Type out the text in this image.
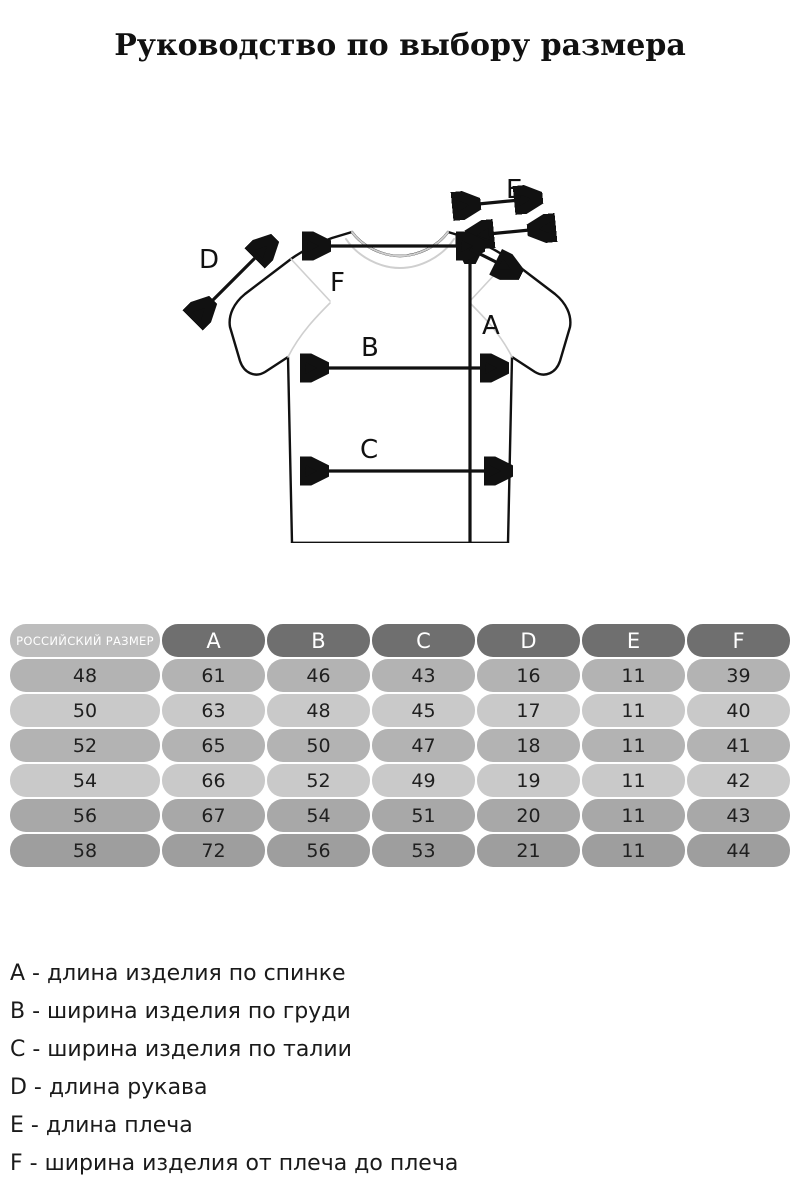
Руководство по выбору размера
A
B
C
D
E
F
РОССИЙСКИЙ РАЗМЕР	A	B	C	D	E	F
48	61	46	43	16	11	39
50	63	48	45	17	11	40
52	65	50	47	18	11	41
54	66	52	49	19	11	42
56	67	54	51	20	11	43
58	72	56	53	21	11	44
A - длина изделия по спинке
B - ширина изделия по груди
C - ширина изделия по талии
D - длина рукава
E - длина плеча
F - ширина изделия от плеча до плеча
